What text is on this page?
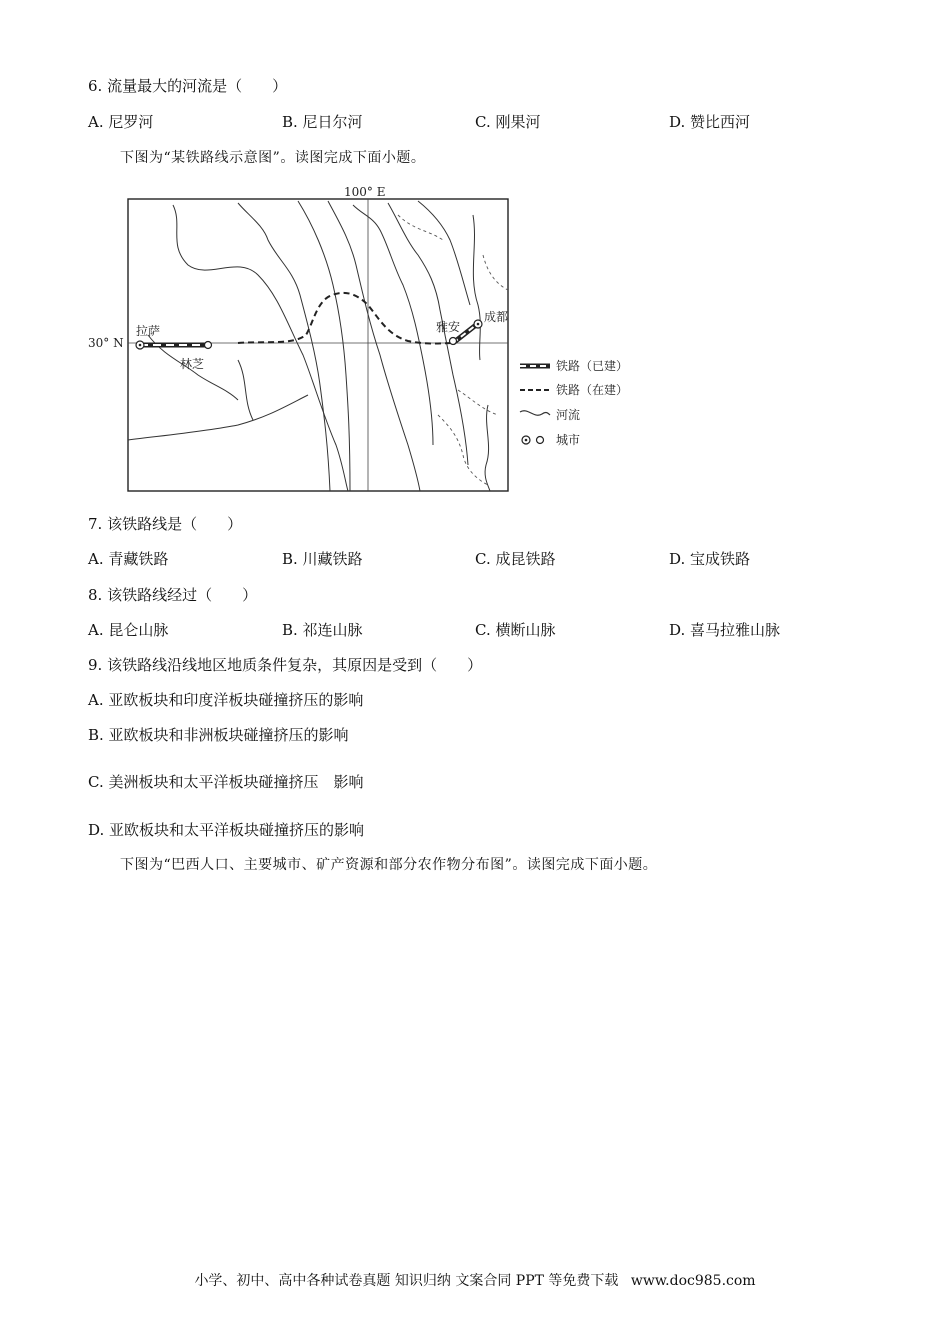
6. 流量最大的河流是（　　）
A. 尼罗河	B. 尼日尔河	C. 刚果河	D. 赞比西河
下图为“某铁路线示意图”。读图完成下面小题。
100° E
30° N
拉萨
林芝
雅安
成都
铁路（已建）
铁路（在建）
河流
城市
7. 该铁路线是（　　）
A. 青藏铁路	B. 川藏铁路	C. 成昆铁路	D. 宝成铁路
8. 该铁路线经过（　　）
A. 昆仑山脉	B. 祁连山脉	C. 横断山脉	D. 喜马拉雅山脉
9. 该铁路线沿线地区地质条件复杂，其原因是受到（　　）
A. 亚欧板块和印度洋板块碰撞挤压的影响
B. 亚欧板块和非洲板块碰撞挤压的影响
C. 美洲板块和太平洋板块碰撞挤压　影响
D. 亚欧板块和太平洋板块碰撞挤压的影响
下图为“巴西人口、主要城市、矿产资源和部分农作物分布图”。读图完成下面小题。
小学、初中、高中各种试卷真题 知识归纳 文案合同 PPT 等免费下载 www.doc985.com
